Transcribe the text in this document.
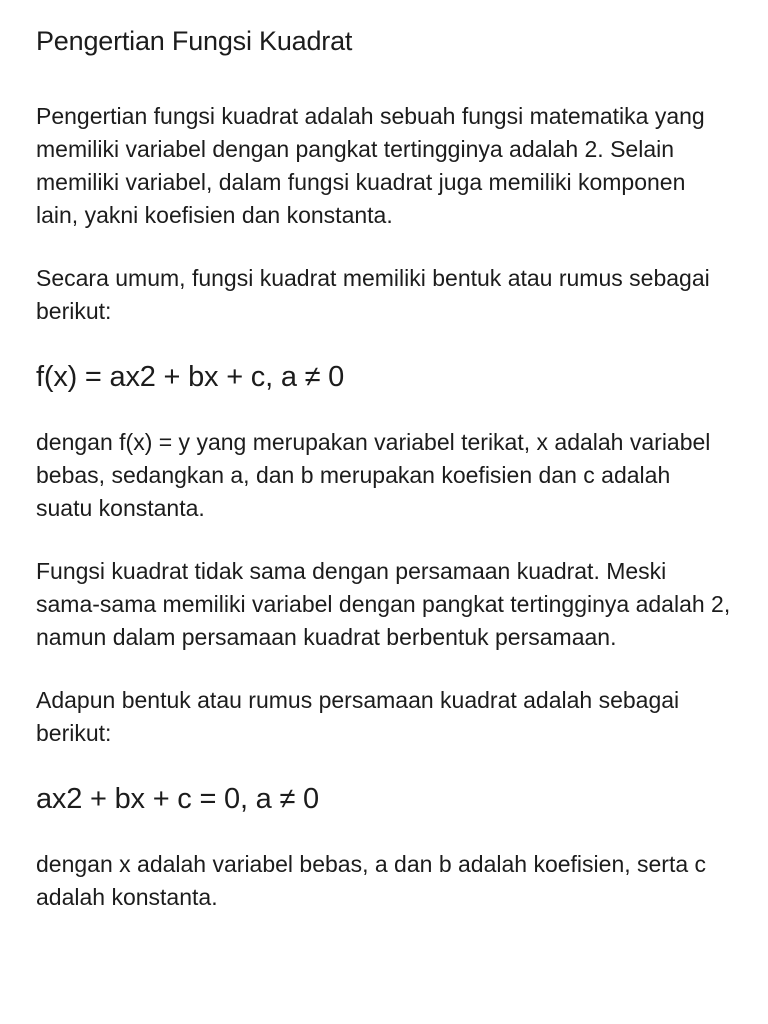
Pengertian Fungsi Kuadrat

Pengertian fungsi kuadrat adalah sebuah fungsi matematika yang memiliki variabel dengan pangkat tertingginya adalah 2. Selain memiliki variabel, dalam fungsi kuadrat juga memiliki komponen lain, yakni koefisien dan konstanta.

Secara umum, fungsi kuadrat memiliki bentuk atau rumus sebagai berikut:

f(x) = ax2 + bx + c, a ≠ 0

dengan f(x) = y yang merupakan variabel terikat, x adalah variabel bebas, sedangkan a, dan b merupakan koefisien dan c adalah suatu konstanta.

Fungsi kuadrat tidak sama dengan persamaan kuadrat. Meski sama-sama memiliki variabel dengan pangkat tertingginya adalah 2, namun dalam persamaan kuadrat berbentuk persamaan.

Adapun bentuk atau rumus persamaan kuadrat adalah sebagai berikut:

ax2 + bx + c = 0, a ≠ 0

dengan x adalah variabel bebas, a dan b adalah koefisien, serta c adalah konstanta.
